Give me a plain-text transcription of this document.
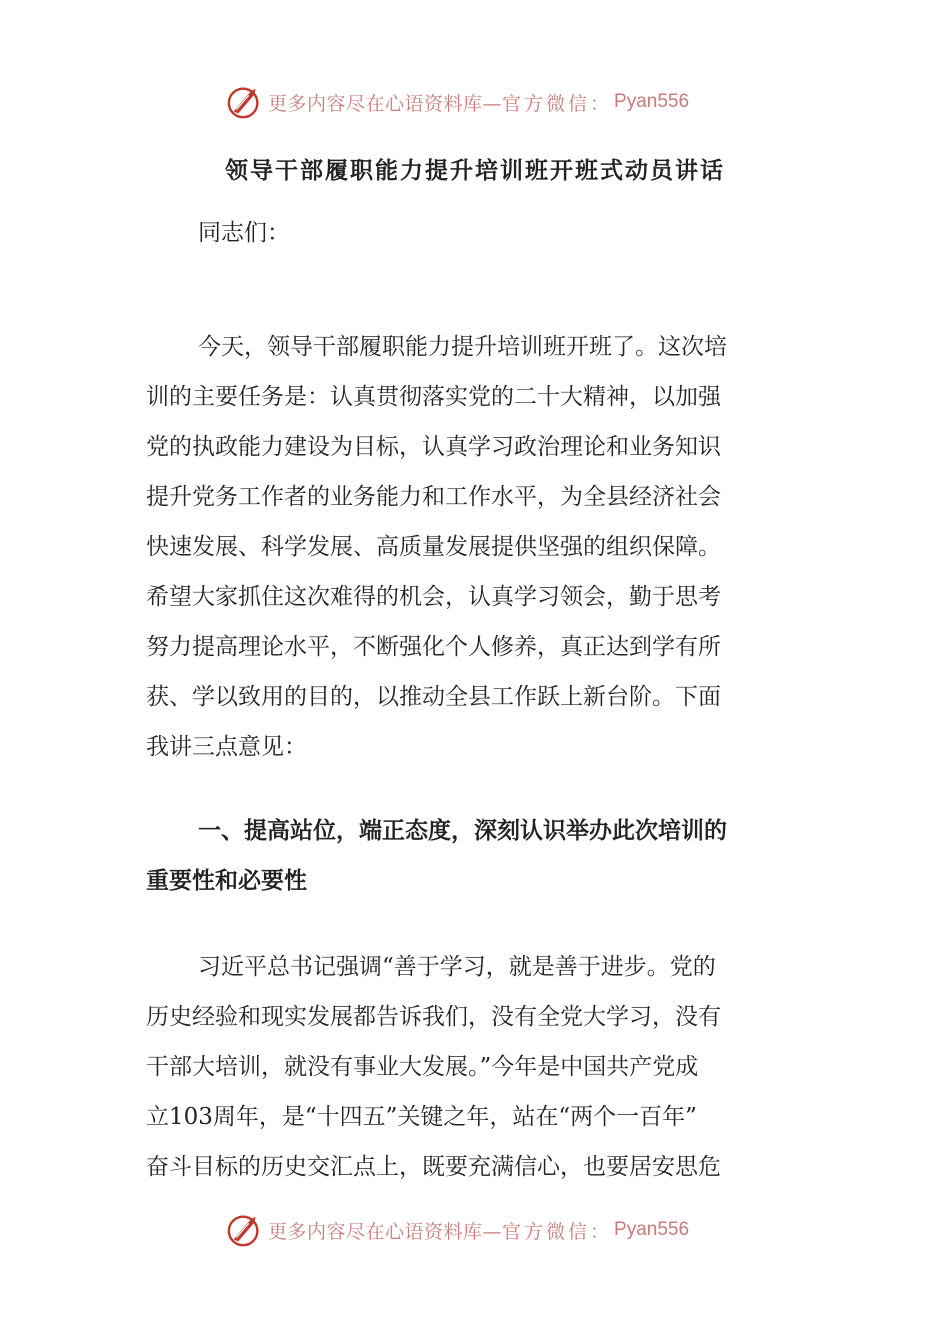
更多内容尽在心语资料库— 官方微信： Pyan556
领导干部履职能力提升培训班开班式动员讲话

同志们：

今天，领导干部履职能力提升培训班开班了。这次培

训的主要任务是：认真贯彻落实党的二十大精神，以加强

党的执政能力建设为目标，认真学习政治理论和业务知识

提升党务工作者的业务能力和工作水平，为全县经济社会

快速发展、科学发展、高质量发展提供坚强的组织保障。

希望大家抓住这次难得的机会，认真学习领会，勤于思考

努力提高理论水平，不断强化个人修养，真正达到学有所

获、学以致用的目的，以推动全县工作跃上新台阶。下面

我讲三点意见：

一、提高站位，端正态度，深刻认识举办此次培训的

重要性和必要性

习近平总书记强调“善于学习，就是善于进步。党的

历史经验和现实发展都告诉我们，没有全党大学习，没有

干部大培训，就没有事业大发展。”今年是中国共产党成

立103周年，是“十四五”关键之年，站在“两个一百年”

奋斗目标的历史交汇点上，既要充满信心，也要居安思危

更多内容尽在心语资料库— 官方微信： Pyan556
